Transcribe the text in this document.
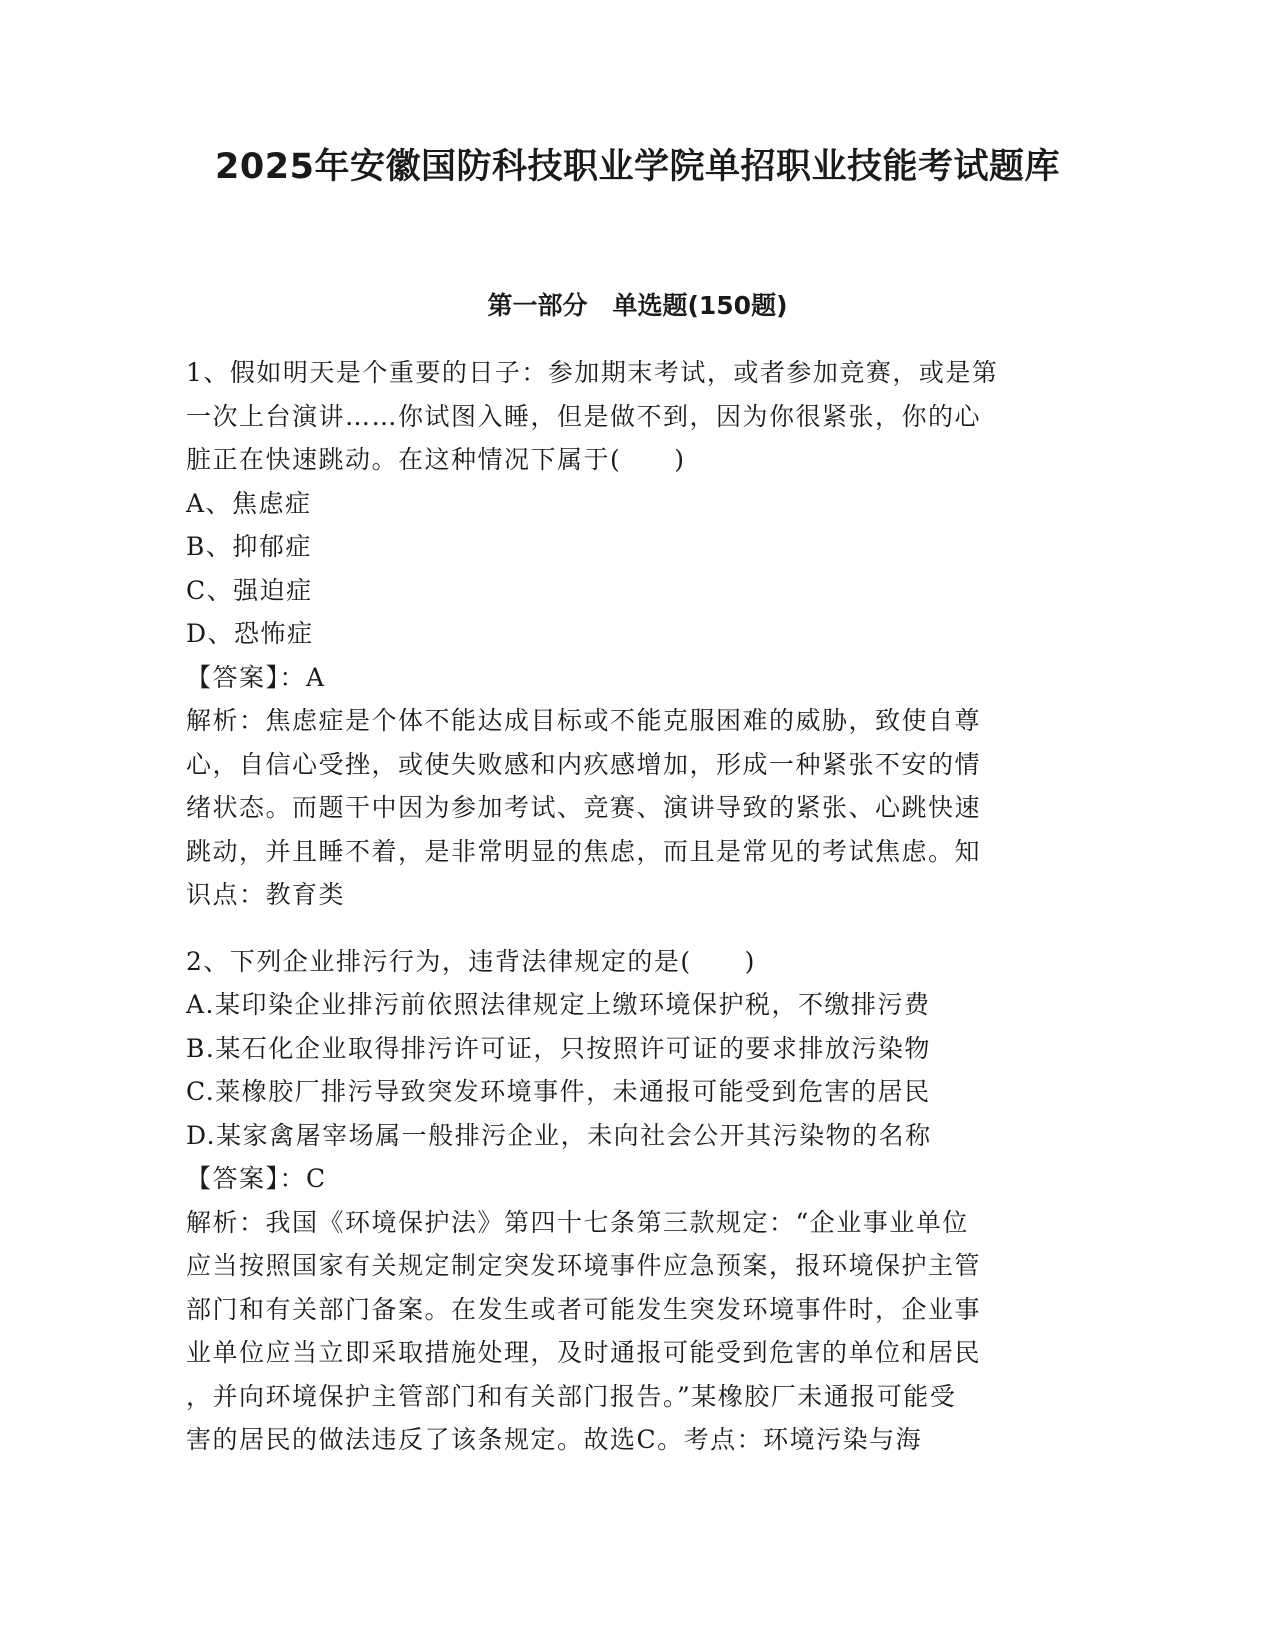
2025年安徽国防科技职业学院单招职业技能考试题库
第一部分　单选题(150题)
1、假如明天是个重要的日子：参加期末考试，或者参加竞赛，或是第
一次上台演讲……你试图入睡，但是做不到，因为你很紧张，你的心
脏正在快速跳动。在这种情况下属于(　　)
A、焦虑症
B、抑郁症
C、强迫症
D、恐怖症
【答案】：A
解析：焦虑症是个体不能达成目标或不能克服困难的威胁，致使自尊
心，自信心受挫，或使失败感和内疚感增加，形成一种紧张不安的情
绪状态。而题干中因为参加考试、竞赛、演讲导致的紧张、心跳快速
跳动，并且睡不着，是非常明显的焦虑，而且是常见的考试焦虑。知
识点：教育类
2、下列企业排污行为，违背法律规定的是(　　)
A.某印染企业排污前依照法律规定上缴环境保护税，不缴排污费
B.某石化企业取得排污许可证，只按照许可证的要求排放污染物
C.莱橡胶厂排污导致突发环境事件，未通报可能受到危害的居民
D.某家禽屠宰场属一般排污企业，未向社会公开其污染物的名称
【答案】：C
解析：我国《环境保护法》第四十七条第三款规定：“企业事业单位
应当按照国家有关规定制定突发环境事件应急预案，报环境保护主管
部门和有关部门备案。在发生或者可能发生突发环境事件时，企业事
业单位应当立即采取措施处理，及时通报可能受到危害的单位和居民
，并向环境保护主管部门和有关部门报告。”某橡胶厂未通报可能受
害的居民的做法违反了该条规定。故选C。考点：环境污染与海
